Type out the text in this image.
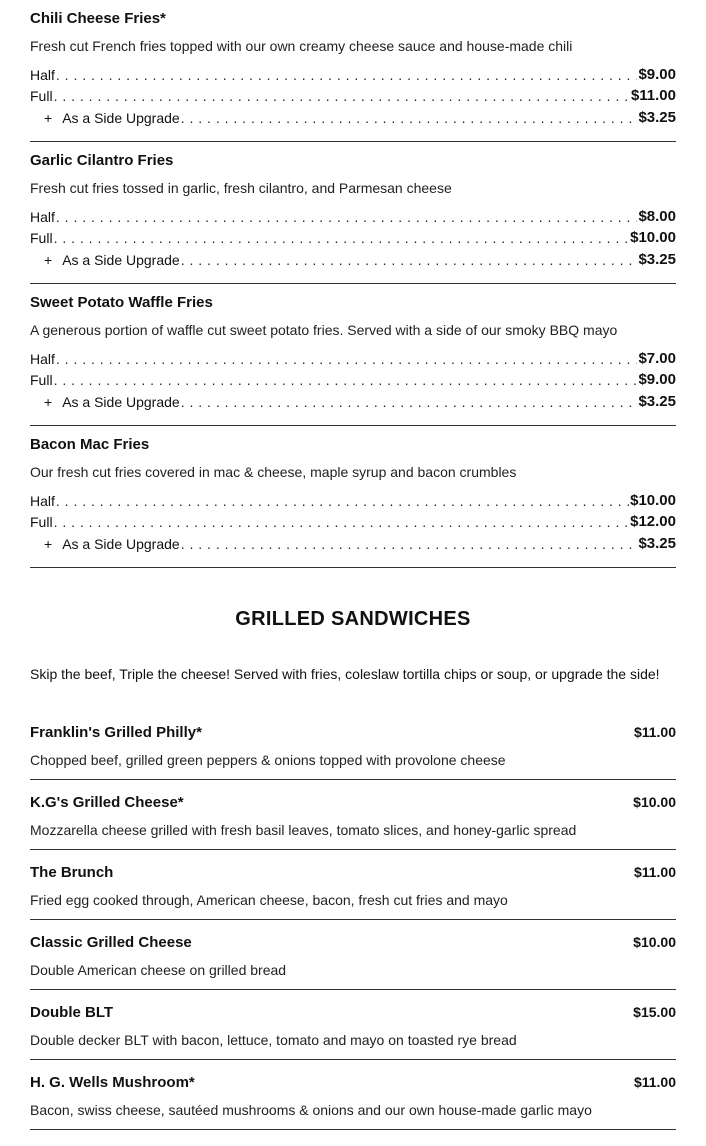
Chili Cheese Fries*
Fresh cut French fries topped with our own creamy cheese sauce and house-made chili
Half . . .	$9.00
Full . . .	$11.00
+ As a Side Upgrade . . .	$3.25
Garlic Cilantro Fries
Fresh cut fries tossed in garlic, fresh cilantro, and Parmesan cheese
Half . . .	$8.00
Full . . .	$10.00
+ As a Side Upgrade . . .	$3.25
Sweet Potato Waffle Fries
A generous portion of waffle cut sweet potato fries. Served with a side of our smoky BBQ mayo
Half . . .	$7.00
Full . . .	$9.00
+ As a Side Upgrade . . .	$3.25
Bacon Mac Fries
Our fresh cut fries covered in mac & cheese, maple syrup and bacon crumbles
Half . . .	$10.00
Full . . .	$12.00
+ As a Side Upgrade . . .	$3.25
GRILLED SANDWICHES
Skip the beef, Triple the cheese! Served with fries, coleslaw tortilla chips or soup, or upgrade the side!
Franklin's Grilled Philly*	$11.00
Chopped beef, grilled green peppers & onions topped with provolone cheese
K.G's Grilled Cheese*	$10.00
Mozzarella cheese grilled with fresh basil leaves, tomato slices, and honey-garlic spread
The Brunch	$11.00
Fried egg cooked through, American cheese, bacon, fresh cut fries and mayo
Classic Grilled Cheese	$10.00
Double American cheese on grilled bread
Double BLT	$15.00
Double decker BLT with bacon, lettuce, tomato and mayo on toasted rye bread
H. G. Wells Mushroom*	$11.00
Bacon, swiss cheese, sautéed mushrooms & onions and our own house-made garlic mayo
